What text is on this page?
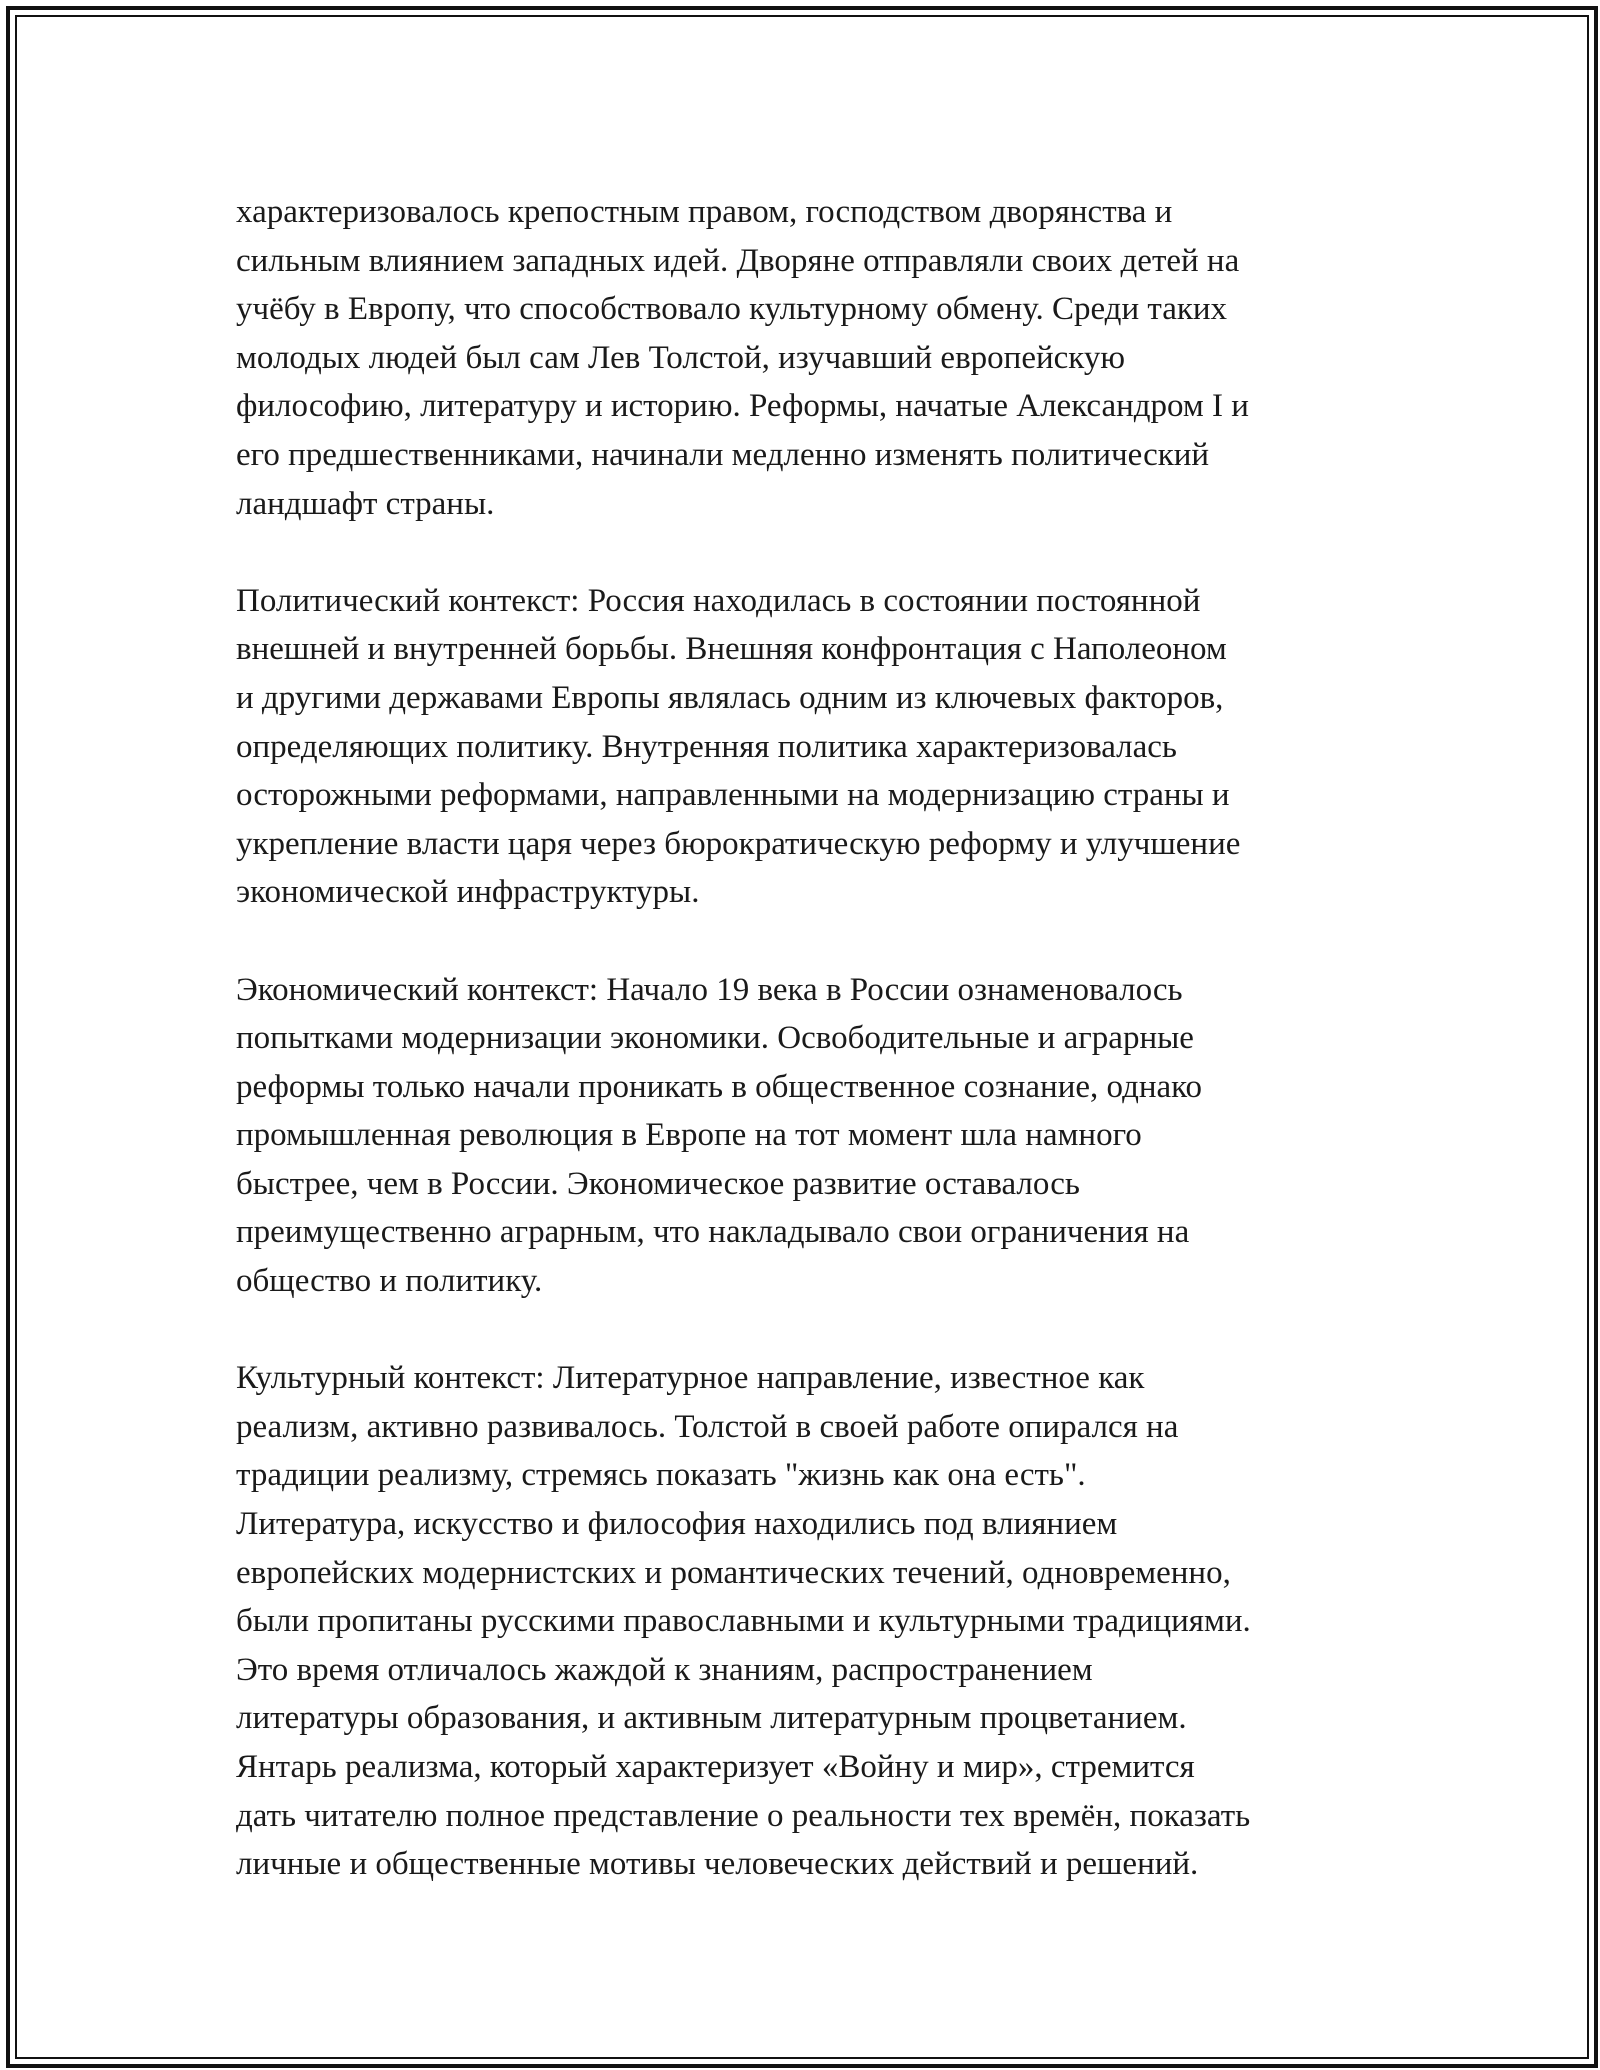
характеризовалось крепостным правом, господством дворянства и
сильным влиянием западных идей. Дворяне отправляли своих детей на
учёбу в Европу, что способствовало культурному обмену. Среди таких
молодых людей был сам Лев Толстой, изучавший европейскую
философию, литературу и историю. Реформы, начатые Александром I и
его предшественниками, начинали медленно изменять политический
ландшафт страны.

Политический контекст: Россия находилась в состоянии постоянной
внешней и внутренней борьбы. Внешняя конфронтация с Наполеоном
и другими державами Европы являлась одним из ключевых факторов,
определяющих политику. Внутренняя политика характеризовалась
осторожными реформами, направленными на модернизацию страны и
укрепление власти царя через бюрократическую реформу и улучшение
экономической инфраструктуры.

Экономический контекст: Начало 19 века в России ознаменовалось
попытками модернизации экономики. Освободительные и аграрные
реформы только начали проникать в общественное сознание, однако
промышленная революция в Европе на тот момент шла намного
быстрее, чем в России. Экономическое развитие оставалось
преимущественно аграрным, что накладывало свои ограничения на
общество и политику.

Культурный контекст: Литературное направление, известное как
реализм, активно развивалось. Толстой в своей работе опирался на
традиции реализму, стремясь показать "жизнь как она есть".
Литература, искусство и философия находились под влиянием
европейских модернистских и романтических течений, одновременно,
были пропитаны русскими православными и культурными традициями.
Это время отличалось жаждой к знаниям, распространением
литературы образования, и активным литературным процветанием.
Янтарь реализма, который характеризует «Войну и мир», стремится
дать читателю полное представление о реальности тех времён, показать
личные и общественные мотивы человеческих действий и решений.
